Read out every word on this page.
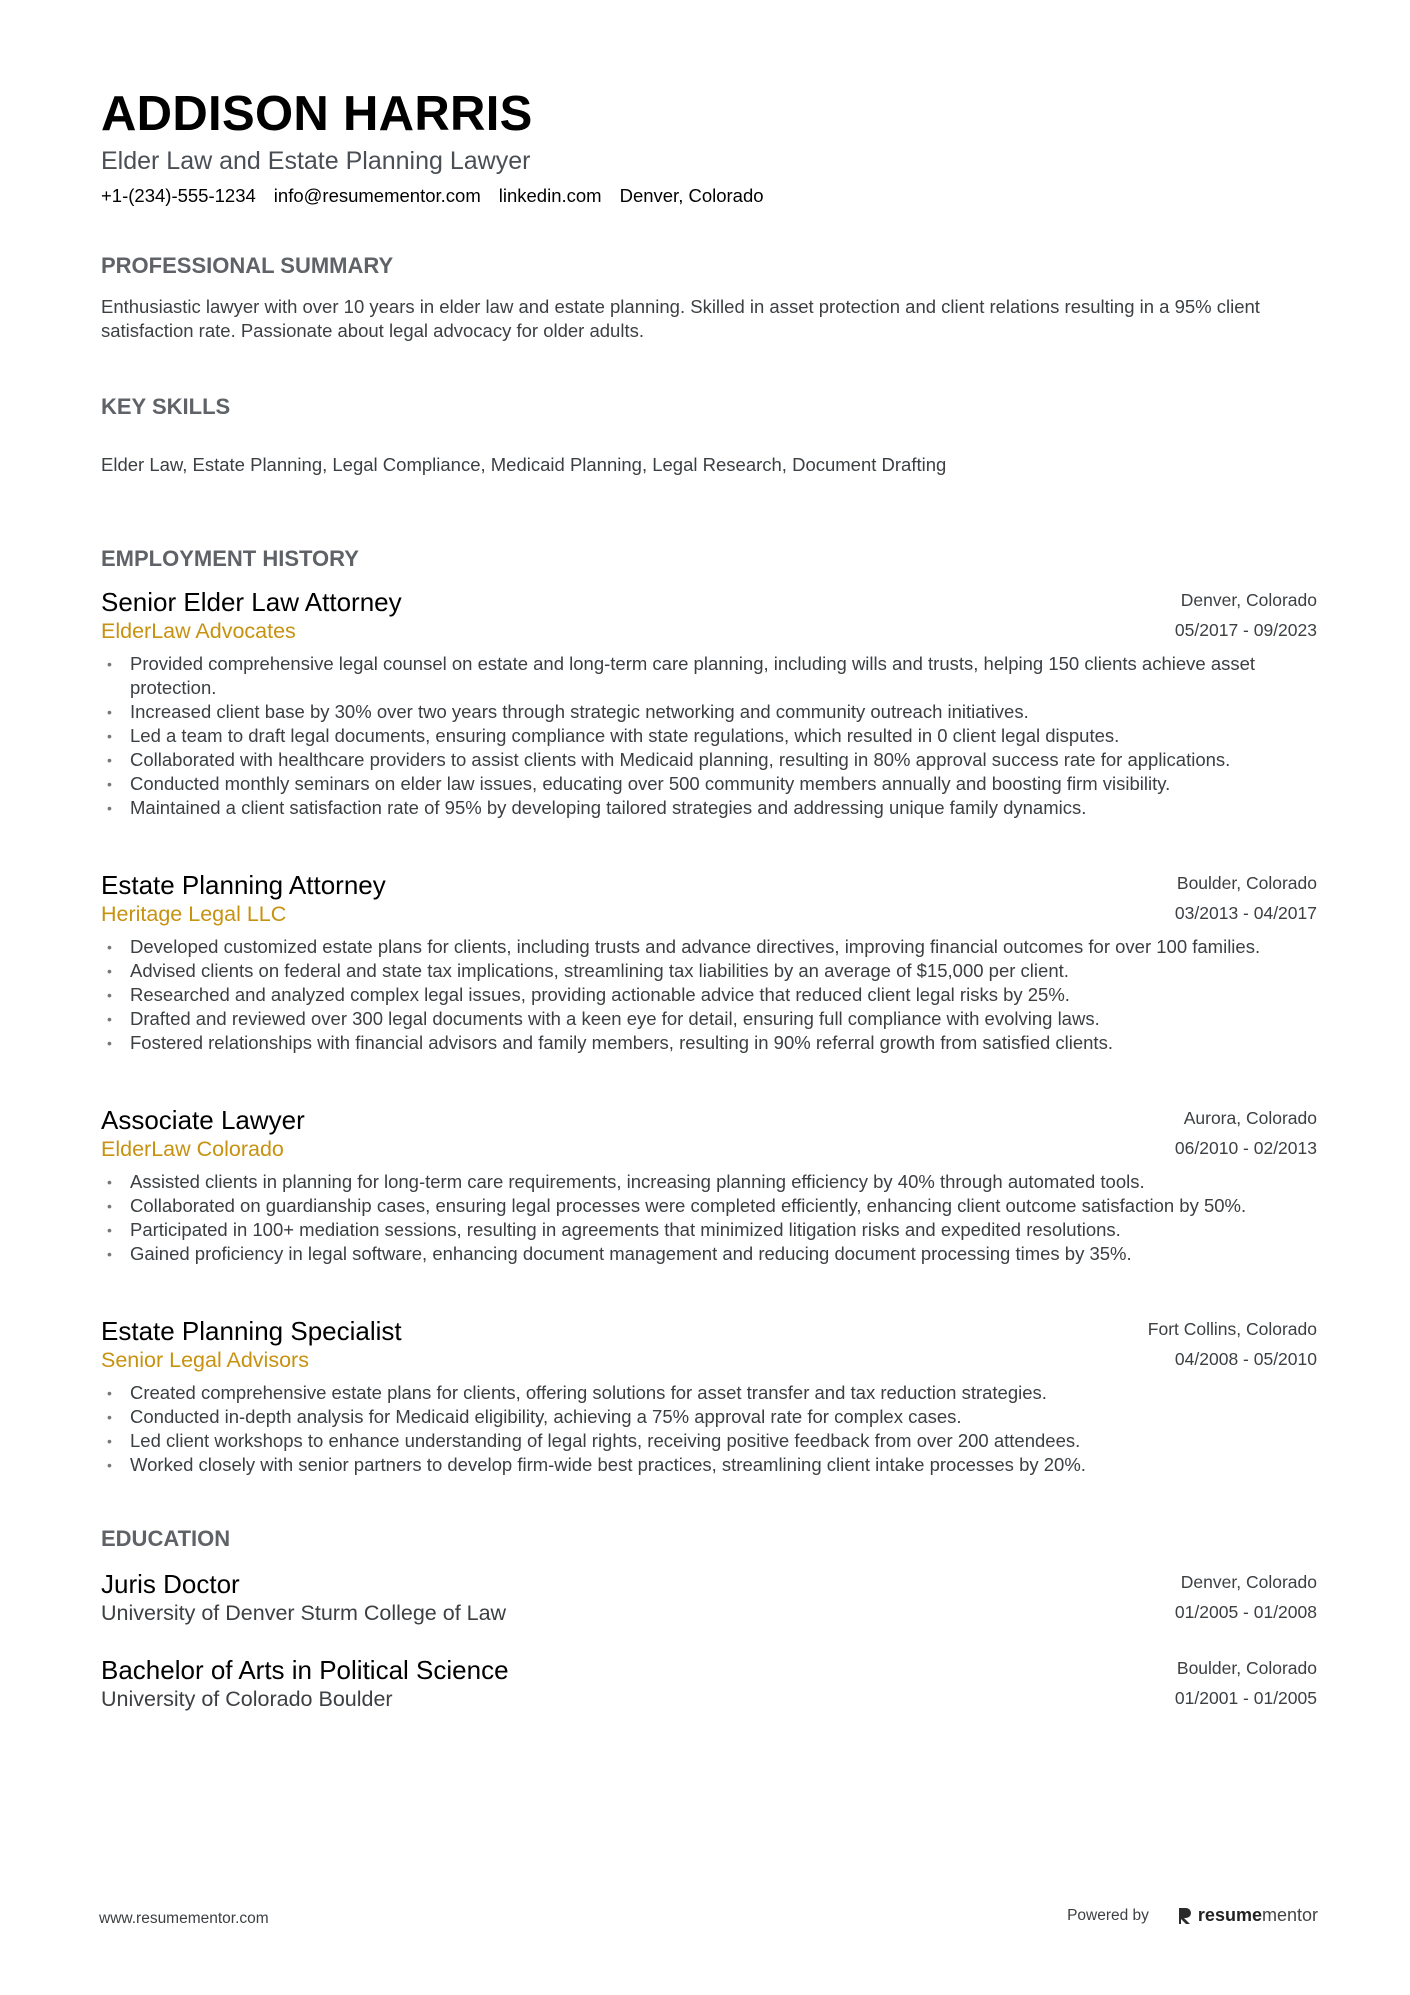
ADDISON HARRIS
Elder Law and Estate Planning Lawyer
+1-(234)-555-1234 info@resumementor.com linkedin.com Denver, Colorado
PROFESSIONAL SUMMARY
Enthusiastic lawyer with over 10 years in elder law and estate planning. Skilled in asset protection and client relations resulting in a 95% client satisfaction rate. Passionate about legal advocacy for older adults.
KEY SKILLS
Elder Law, Estate Planning, Legal Compliance, Medicaid Planning, Legal Research, Document Drafting
EMPLOYMENT HISTORY
Senior Elder Law Attorney
ElderLaw Advocates
Denver, Colorado
05/2017 - 09/2023
• Provided comprehensive legal counsel on estate and long-term care planning, including wills and trusts, helping 150 clients achieve asset protection.
• Increased client base by 30% over two years through strategic networking and community outreach initiatives.
• Led a team to draft legal documents, ensuring compliance with state regulations, which resulted in 0 client legal disputes.
• Collaborated with healthcare providers to assist clients with Medicaid planning, resulting in 80% approval success rate for applications.
• Conducted monthly seminars on elder law issues, educating over 500 community members annually and boosting firm visibility.
• Maintained a client satisfaction rate of 95% by developing tailored strategies and addressing unique family dynamics.
Estate Planning Attorney
Heritage Legal LLC
Boulder, Colorado
03/2013 - 04/2017
• Developed customized estate plans for clients, including trusts and advance directives, improving financial outcomes for over 100 families.
• Advised clients on federal and state tax implications, streamlining tax liabilities by an average of $15,000 per client.
• Researched and analyzed complex legal issues, providing actionable advice that reduced client legal risks by 25%.
• Drafted and reviewed over 300 legal documents with a keen eye for detail, ensuring full compliance with evolving laws.
• Fostered relationships with financial advisors and family members, resulting in 90% referral growth from satisfied clients.
Associate Lawyer
ElderLaw Colorado
Aurora, Colorado
06/2010 - 02/2013
• Assisted clients in planning for long-term care requirements, increasing planning efficiency by 40% through automated tools.
• Collaborated on guardianship cases, ensuring legal processes were completed efficiently, enhancing client outcome satisfaction by 50%.
• Participated in 100+ mediation sessions, resulting in agreements that minimized litigation risks and expedited resolutions.
• Gained proficiency in legal software, enhancing document management and reducing document processing times by 35%.
Estate Planning Specialist
Senior Legal Advisors
Fort Collins, Colorado
04/2008 - 05/2010
• Created comprehensive estate plans for clients, offering solutions for asset transfer and tax reduction strategies.
• Conducted in-depth analysis for Medicaid eligibility, achieving a 75% approval rate for complex cases.
• Led client workshops to enhance understanding of legal rights, receiving positive feedback from over 200 attendees.
• Worked closely with senior partners to develop firm-wide best practices, streamlining client intake processes by 20%.
EDUCATION
Juris Doctor
University of Denver Sturm College of Law
Denver, Colorado
01/2005 - 01/2008
Bachelor of Arts in Political Science
University of Colorado Boulder
Boulder, Colorado
01/2001 - 01/2005
www.resumementor.com	Powered by	resumementor
